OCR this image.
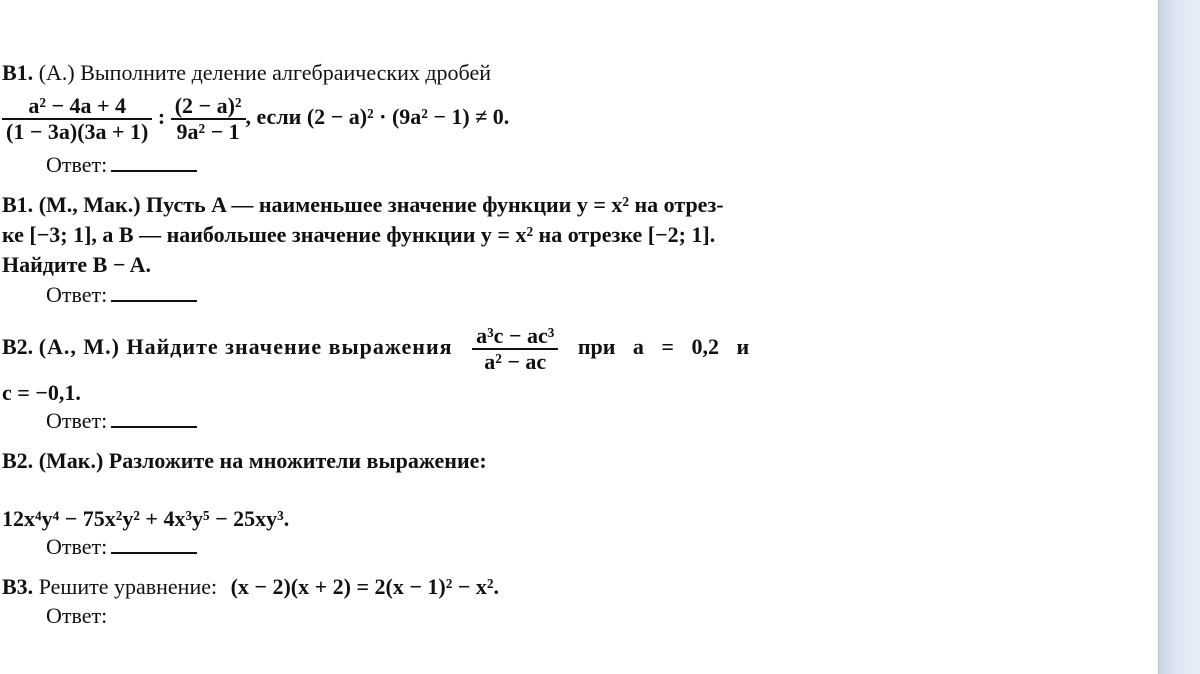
B1. (А.) Выполните деление алгебраических дробей
$\frac{\text{a² − 4a + 4}}{(1 - 3a)(3a + 1)}$ : $\frac{\text{(2 − a)²}}{\text{9a² − 1}}$ , если (2 − a)² · (9a² − 1) ≠ 0.
Ответ:
B1. (М., Мак.) Пусть A — наименьшее значение функции y = x² на отрез-
ке [−3; 1], а B — наибольшее значение функции y = x² на отрезке [−2; 1].
Найдите B − A.
Ответ:
B2. (А., М.) Найдите значение выражения $\frac{\text{a³c − ac³}}{\text{a² − ac}}$ при a = 0,2 и
c = −0,1.
Ответ:
B2. (Мак.) Разложите на множители выражение:
12x⁴y⁴ − 75x²y² + 4x³y⁵ − 25xy³.
Ответ:
B3. Решите уравнение: (x − 2)(x + 2) = 2(x − 1)² − x².
Ответ:
